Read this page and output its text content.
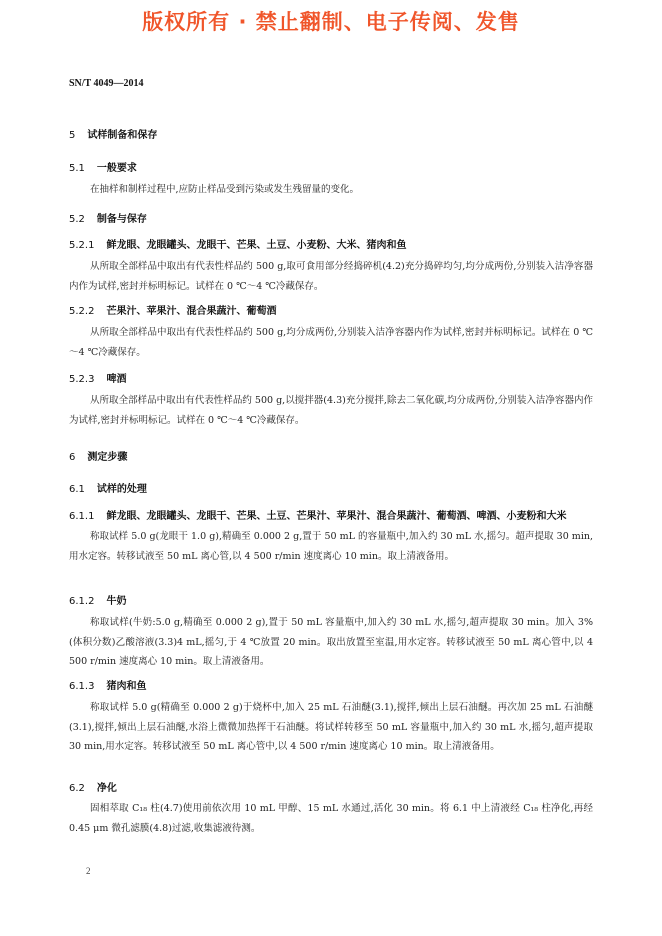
版权所有 · 禁止翻制、电子传阅、发售
SN/T 4049—2014
5 试样制备和保存
5.1 一般要求
在抽样和制样过程中,应防止样品受到污染或发生残留量的变化。
5.2 制备与保存
5.2.1 鲜龙眼、龙眼罐头、龙眼干、芒果、土豆、小麦粉、大米、猪肉和鱼
从所取全部样品中取出有代表性样品约 500 g,取可食用部分经捣碎机(4.2)充分捣碎均匀,均分成两份,分别装入洁净容器内作为试样,密封并标明标记。试样在 0 ℃～4 ℃冷藏保存。
5.2.2 芒果汁、苹果汁、混合果蔬汁、葡萄酒
从所取全部样品中取出有代表性样品约 500 g,均分成两份,分别装入洁净容器内作为试样,密封并标明标记。试样在 0 ℃～4 ℃冷藏保存。
5.2.3 啤酒
从所取全部样品中取出有代表性样品约 500 g,以搅拌器(4.3)充分搅拌,除去二氧化碳,均分成两份,分别装入洁净容器内作为试样,密封并标明标记。试样在 0 ℃～4 ℃冷藏保存。
6 测定步骤
6.1 试样的处理
6.1.1 鲜龙眼、龙眼罐头、龙眼干、芒果、土豆、芒果汁、苹果汁、混合果蔬汁、葡萄酒、啤酒、小麦粉和大米
称取试样 5.0 g(龙眼干 1.0 g),精确至 0.000 2 g,置于 50 mL 的容量瓶中,加入约 30 mL 水,摇匀。超声提取 30 min,用水定容。转移试液至 50 mL 离心管,以 4 500 r/min 速度离心 10 min。取上清液备用。
6.1.2 牛奶
称取试样(牛奶:5.0 g,精确至 0.000 2 g),置于 50 mL 容量瓶中,加入约 30 mL 水,摇匀,超声提取 30 min。加入 3%(体积分数)乙酸溶液(3.3)4 mL,摇匀,于 4 ℃放置 20 min。取出放置至室温,用水定容。转移试液至 50 mL 离心管中,以 4 500 r/min 速度离心 10 min。取上清液备用。
6.1.3 猪肉和鱼
称取试样 5.0 g(精确至 0.000 2 g)于烧杯中,加入 25 mL 石油醚(3.1),搅拌,倾出上层石油醚。再次加 25 mL 石油醚(3.1),搅拌,倾出上层石油醚,水浴上微微加热挥干石油醚。将试样转移至 50 mL 容量瓶中,加入约 30 mL 水,摇匀,超声提取 30 min,用水定容。转移试液至 50 mL 离心管中,以 4 500 r/min 速度离心 10 min。取上清液备用。
6.2 净化
固相萃取 C₁₈ 柱(4.7)使用前依次用 10 mL 甲醇、15 mL 水通过,活化 30 min。将 6.1 中上清液经 C₁₈ 柱净化,再经 0.45 μm 微孔滤膜(4.8)过滤,收集滤液待测。
2
